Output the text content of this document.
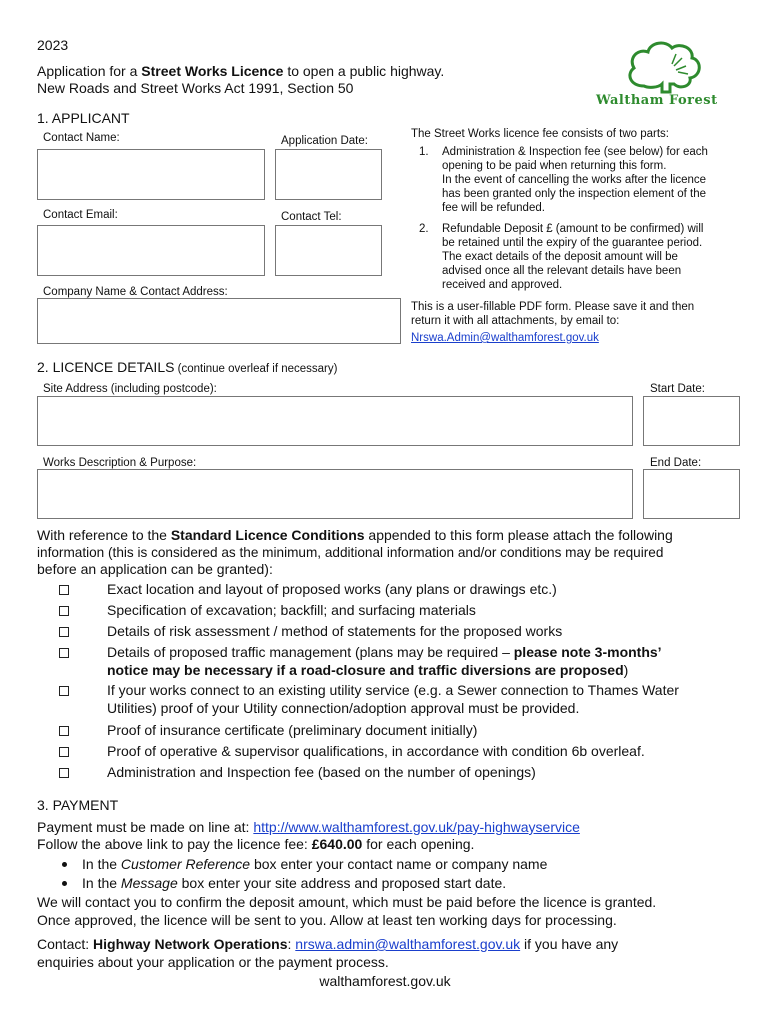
2023
Application for a Street Works Licence to open a public highway.
New Roads and Street Works Act 1991, Section 50
Waltham Forest
1. APPLICANT
Contact Name:	Application Date:
Contact Email:	Contact Tel:
Company Name & Contact Address:
The Street Works licence fee consists of two parts:
1. Administration & Inspection fee (see below) for each
opening to be paid when returning this form.
In the event of cancelling the works after the licence
has been granted only the inspection element of the
fee will be refunded.
2. Refundable Deposit £ (amount to be confirmed) will
be retained until the expiry of the guarantee period.
The exact details of the deposit amount will be
advised once all the relevant details have been
received and approved.
This is a user-fillable PDF form. Please save it and then
return it with all attachments, by email to:
Nrswa.Admin@walthamforest.gov.uk
2. LICENCE DETAILS (continue overleaf if necessary)
Site Address (including postcode):	Start Date:
Works Description & Purpose:	End Date:
With reference to the Standard Licence Conditions appended to this form please attach the following
information (this is considered as the minimum, additional information and/or conditions may be required
before an application can be granted):
Exact location and layout of proposed works (any plans or drawings etc.)
Specification of excavation; backfill; and surfacing materials
Details of risk assessment / method of statements for the proposed works
Details of proposed traffic management (plans may be required – please note 3-months’
notice may be necessary if a road-closure and traffic diversions are proposed)
If your works connect to an existing utility service (e.g. a Sewer connection to Thames Water
Utilities) proof of your Utility connection/adoption approval must be provided.
Proof of insurance certificate (preliminary document initially)
Proof of operative & supervisor qualifications, in accordance with condition 6b overleaf.
Administration and Inspection fee (based on the number of openings)
3. PAYMENT
Payment must be made on line at: http://www.walthamforest.gov.uk/pay-highwayservice
Follow the above link to pay the licence fee: £640.00 for each opening.
In the Customer Reference box enter your contact name or company name
In the Message box enter your site address and proposed start date.
We will contact you to confirm the deposit amount, which must be paid before the licence is granted.
Once approved, the licence will be sent to you. Allow at least ten working days for processing.
Contact: Highway Network Operations: nrswa.admin@walthamforest.gov.uk if you have any
enquiries about your application or the payment process.
walthamforest.gov.uk
